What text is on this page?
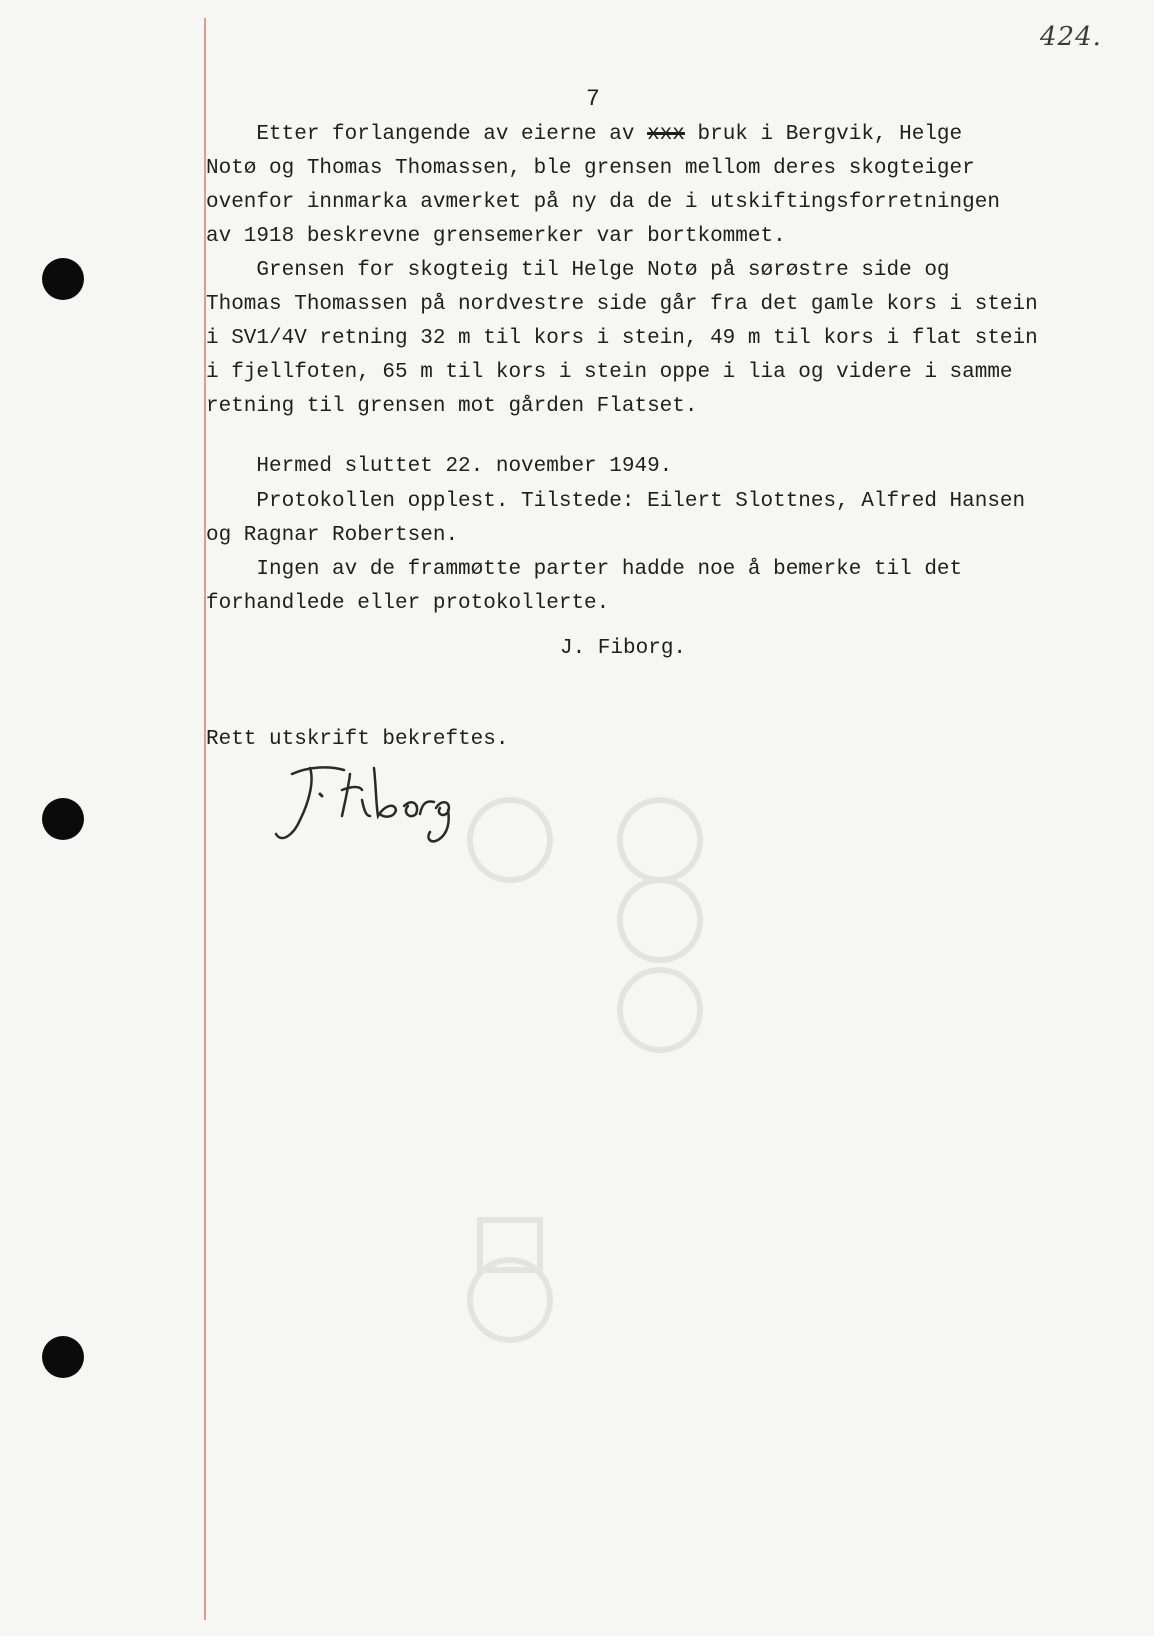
424.
7

Etter forlangende av eierne av xxx bruk i Bergvik, Helge

Notø og Thomas Thomassen, ble grensen mellom deres skogteiger

ovenfor innmarka avmerket på ny da de i utskiftingsforretningen

av 1918 beskrevne grensemerker var bortkommet.

Grensen for skogteig til Helge Notø på sørøstre side og

Thomas Thomassen på nordvestre side går fra det gamle kors i stein

i SV1/4V retning 32 m til kors i stein, 49 m til kors i flat stein

i fjellfoten, 65 m til kors i stein oppe i lia og videre i samme

retning til grensen mot gården Flatset.

Hermed sluttet 22. november 1949.

Protokollen opplest. Tilstede: Eilert Slottnes, Alfred Hansen

og Ragnar Robertsen.

Ingen av de frammøtte parter hadde noe å bemerke til det

forhandlede eller protokollerte.

J. Fiborg.

Rett utskrift bekreftes.
